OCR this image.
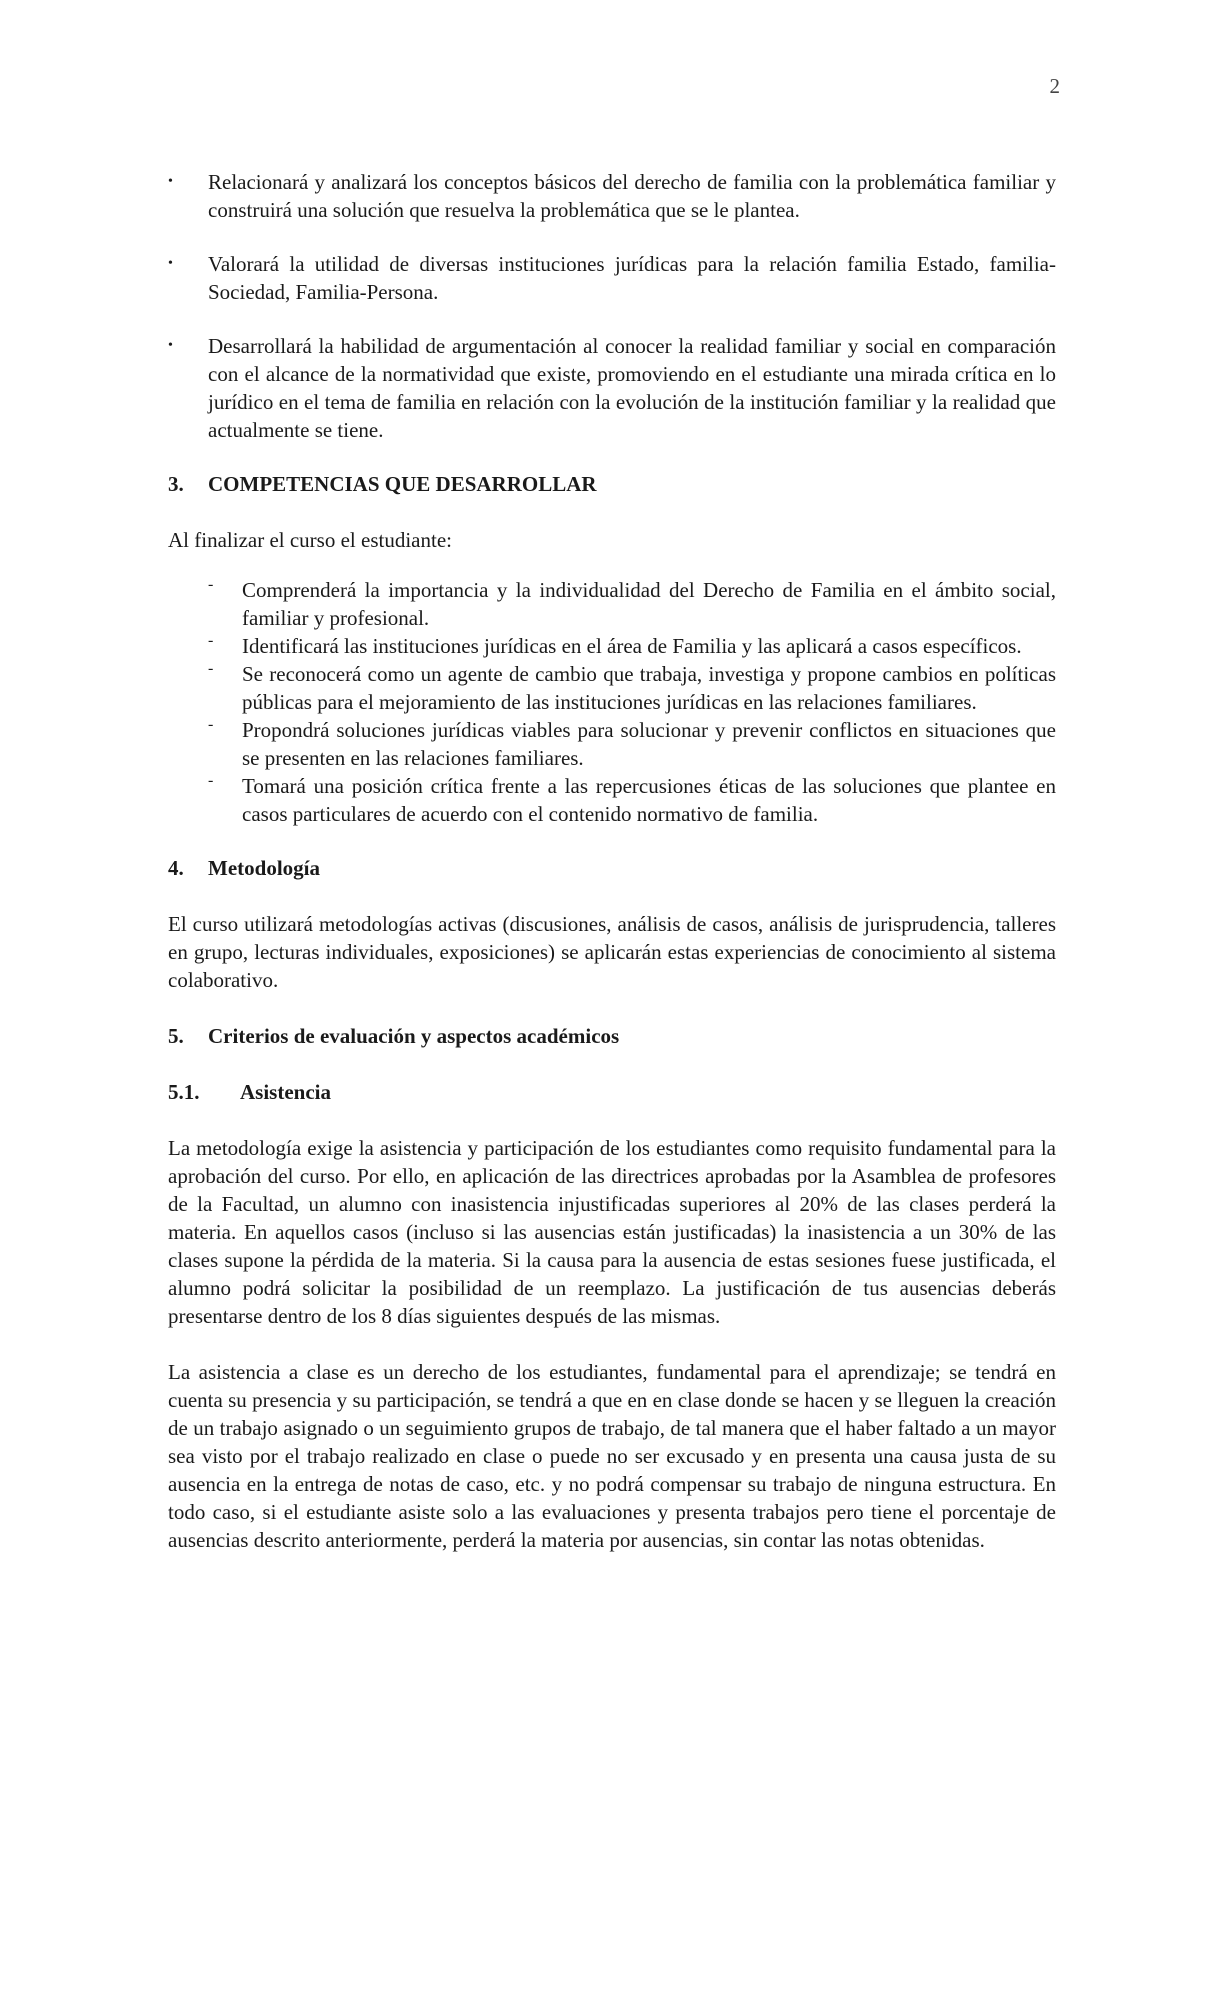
2
• Relacionará y analizará los conceptos básicos del derecho de familia con la problemática familiar y construirá una solución que resuelva la problemática que se le plantea.

• Valorará la utilidad de diversas instituciones jurídicas para la relación familia Estado, familia-Sociedad, Familia-Persona.

• Desarrollará la habilidad de argumentación al conocer la realidad familiar y social en comparación con el alcance de la normatividad que existe, promoviendo en el estudiante una mirada crítica en lo jurídico en el tema de familia en relación con la evolución de la institución familiar y la realidad que actualmente se tiene.

3. COMPETENCIAS QUE DESARROLLAR

Al finalizar el curso el estudiante:

- Comprenderá la importancia y la individualidad del Derecho de Familia en el ámbito social, familiar y profesional.

- Identificará las instituciones jurídicas en el área de Familia y las aplicará a casos específicos.

- Se reconocerá como un agente de cambio que trabaja, investiga y propone cambios en políticas públicas para el mejoramiento de las instituciones jurídicas en las relaciones familiares.

- Propondrá soluciones jurídicas viables para solucionar y prevenir conflictos en situaciones que se presenten en las relaciones familiares.

- Tomará una posición crítica frente a las repercusiones éticas de las soluciones que plantee en casos particulares de acuerdo con el contenido normativo de familia.

4. Metodología

El curso utilizará metodologías activas (discusiones, análisis de casos, análisis de jurisprudencia, talleres en grupo, lecturas individuales, exposiciones) se aplicarán estas experiencias de conocimiento al sistema colaborativo.

5. Criterios de evaluación y aspectos académicos
5.1. Asistencia

La metodología exige la asistencia y participación de los estudiantes como requisito fundamental para la aprobación del curso. Por ello, en aplicación de las directrices aprobadas por la Asamblea de profesores de la Facultad, un alumno con inasistencia injustificadas superiores al 20% de las clases perderá la materia. En aquellos casos (incluso si las ausencias están justificadas) la inasistencia a un 30% de las clases supone la pérdida de la materia. Si la causa para la ausencia de estas sesiones fuese justificada, el alumno podrá solicitar la posibilidad de un reemplazo. La justificación de tus ausencias deberás presentarse dentro de los 8 días siguientes después de las mismas.

La asistencia a clase es un derecho de los estudiantes, fundamental para el aprendizaje; se tendrá en cuenta su presencia y su participación, se tendrá a que en en clase donde se hacen y se lleguen la creación de un trabajo asignado o un seguimiento grupos de trabajo, de tal manera que el haber faltado a un mayor sea visto por el trabajo realizado en clase o puede no ser excusado y en presenta una causa justa de su ausencia en la entrega de notas de caso, etc. y no podrá compensar su trabajo de ninguna estructura. En todo caso, si el estudiante asiste solo a las evaluaciones y presenta trabajos pero tiene el porcentaje de ausencias descrito anteriormente, perderá la materia por ausencias, sin contar las notas obtenidas.
